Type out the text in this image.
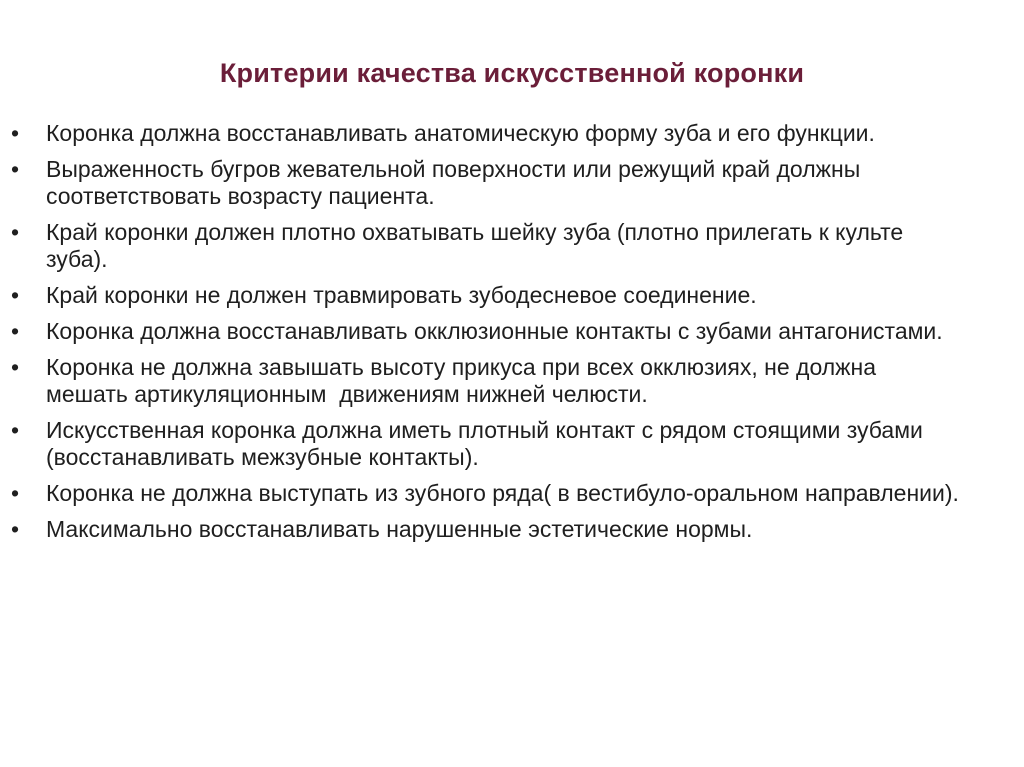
Критерии качества искусственной коронки
• Коронка должна восстанавливать анатомическую форму зуба и его функции.
• Выраженность бугров жевательной поверхности или режущий край должны соответствовать возрасту пациента.
• Край коронки должен плотно охватывать шейку зуба (плотно прилегать к культе зуба).
• Край коронки не должен травмировать зубодесневое соединение.
• Коронка должна восстанавливать окклюзионные контакты с зубами антагонистами.
• Коронка не должна завышать высоту прикуса при всех окклюзиях, не должна мешать артикуляционным  движениям нижней челюсти.
• Искусственная коронка должна иметь плотный контакт с рядом стоящими зубами (восстанавливать межзубные контакты).
• Коронка не должна выступать из зубного ряда( в вестибуло-оральном направлении).
• Максимально восстанавливать нарушенные эстетические нормы.
